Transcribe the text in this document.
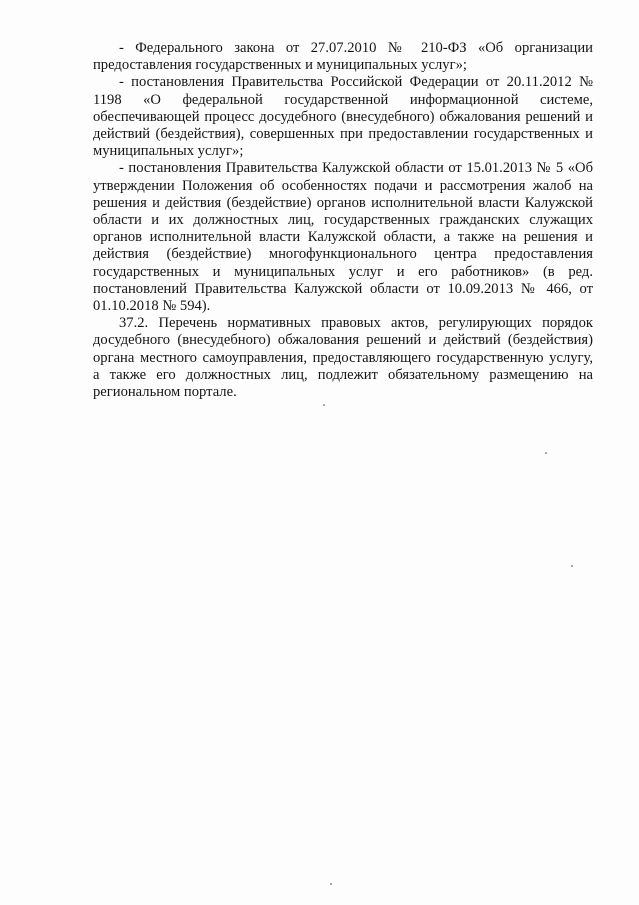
- Федерального закона от 27.07.2010 № 210-ФЗ «Об организации предоставления государственных и муниципальных услуг»;

- постановления Правительства Российской Федерации от 20.11.2012 № 1198 «О федеральной государственной информационной системе, обеспечивающей процесс досудебного (внесудебного) обжалования решений и действий (бездействия), совершенных при предоставлении государственных и муниципальных услуг»;

- постановления Правительства Калужской области от 15.01.2013 № 5 «Об утверждении Положения об особенностях подачи и рассмотрения жалоб на решения и действия (бездействие) органов исполнительной власти Калужской области и их должностных лиц, государственных гражданских служащих органов исполнительной власти Калужской области, а также на решения и действия (бездействие) многофункционального центра предоставления государственных и муниципальных услуг и его работников» (в ред. постановлений Правительства Калужской области от 10.09.2013 № 466, от 01.10.2018 № 594).

37.2. Перечень нормативных правовых актов, регулирующих порядок досудебного (внесудебного) обжалования решений и действий (бездействия) органа местного самоуправления, предоставляющего государственную услугу, а также его должностных лиц, подлежит обязательному размещению на региональном портале.
